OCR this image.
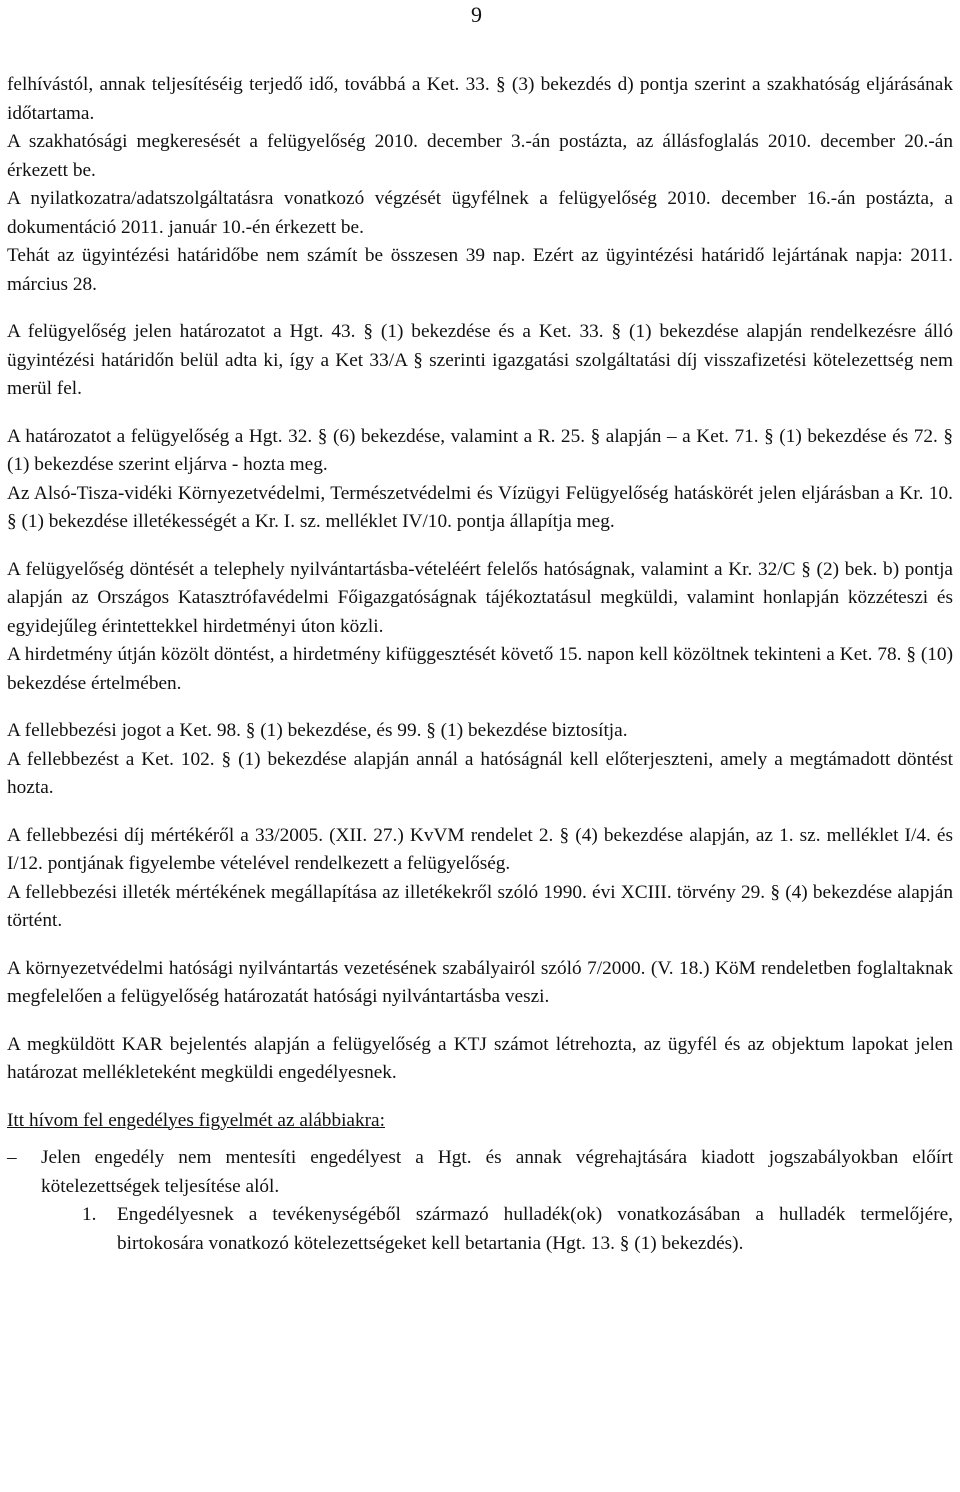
9

felhívástól, annak teljesítéséig terjedő idő, továbbá a Ket. 33. § (3) bekezdés d) pontja szerint a szakhatóság eljárásának időtartama.

A szakhatósági megkeresését a felügyelőség 2010. december 3.-án postázta, az állásfoglalás 2010. december 20.-án érkezett be.

A nyilatkozatra/adatszolgáltatásra vonatkozó végzését ügyfélnek a felügyelőség 2010. december 16.-án postázta, a dokumentáció 2011. január 10.-én érkezett be.

Tehát az ügyintézési határidőbe nem számít be összesen 39 nap. Ezért az ügyintézési határidő lejártának napja: 2011. március 28.

A felügyelőség jelen határozatot a Hgt. 43. § (1) bekezdése és a Ket. 33. § (1) bekezdése alapján rendelkezésre álló ügyintézési határidőn belül adta ki, így a Ket 33/A § szerinti igazgatási szolgáltatási díj visszafizetési kötelezettség nem merül fel.

A határozatot a felügyelőség a Hgt. 32. § (6) bekezdése, valamint a R. 25. § alapján – a Ket. 71. § (1) bekezdése és 72. § (1) bekezdése szerint eljárva - hozta meg.

Az Alsó-Tisza-vidéki Környezetvédelmi, Természetvédelmi és Vízügyi Felügyelőség hatáskörét jelen eljárásban a Kr. 10. § (1) bekezdése illetékességét a Kr. I. sz. melléklet IV/10. pontja állapítja meg.

A felügyelőség döntését a telephely nyilvántartásba-vételéért felelős hatóságnak, valamint a Kr. 32/C § (2) bek. b) pontja alapján az Országos Katasztrófavédelmi Főigazgatóságnak tájékoztatásul megküldi, valamint honlapján közzéteszi és egyidejűleg érintettekkel hirdetményi úton közli.

A hirdetmény útján közölt döntést, a hirdetmény kifüggesztését követő 15. napon kell közöltnek tekinteni a Ket. 78. § (10) bekezdése értelmében.

A fellebbezési jogot a Ket. 98. § (1) bekezdése, és 99. § (1) bekezdése biztosítja.

A fellebbezést a Ket. 102. § (1) bekezdése alapján annál a hatóságnál kell előterjeszteni, amely a megtámadott döntést hozta.

A fellebbezési díj mértékéről a 33/2005. (XII. 27.) KvVM rendelet 2. § (4) bekezdése alapján, az 1. sz. melléklet I/4. és I/12. pontjának figyelembe vételével rendelkezett a felügyelőség.

A fellebbezési illeték mértékének megállapítása az illetékekről szóló 1990. évi XCIII. törvény 29. § (4) bekezdése alapján történt.

A környezetvédelmi hatósági nyilvántartás vezetésének szabályairól szóló 7/2000. (V. 18.) KöM rendeletben foglaltaknak megfelelően a felügyelőség határozatát hatósági nyilvántartásba veszi.

A megküldött KAR bejelentés alapján a felügyelőség a KTJ számot létrehozta, az ügyfél és az objektum lapokat jelen határozat mellékleteként megküldi engedélyesnek.

Itt hívom fel engedélyes figyelmét az alábbiakra:

–	Jelen engedély nem mentesíti engedélyest a Hgt. és annak végrehajtására kiadott jogszabályokban előírt kötelezettségek teljesítése alól.
1.	Engedélyesnek a tevékenységéből származó hulladék(ok) vonatkozásában a hulladék termelőjére, birtokosára vonatkozó kötelezettségeket kell betartania (Hgt. 13. § (1) bekezdés).
